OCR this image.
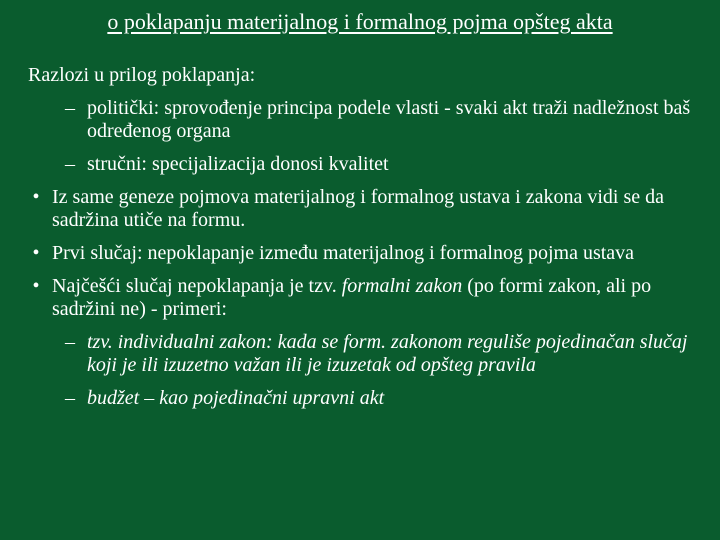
o poklapanju materijalnog i formalnog pojma opšteg akta
Razlozi u prilog poklapanja:
– politički: sprovođenje principa podele vlasti - svaki akt traži nadležnost baš određenog organa
– stručni: specijalizacija donosi kvalitet
• Iz same geneze pojmova materijalnog i formalnog ustava i zakona vidi se da sadržina utiče na formu.
• Prvi slučaj: nepoklapanje između materijalnog i formalnog pojma ustava
• Najčešći slučaj nepoklapanja je tzv. formalni zakon (po formi zakon, ali po sadržini ne) - primeri:
– tzv. individualni zakon: kada se form. zakonom reguliše pojedinačan slučaj koji je ili izuzetno važan ili je izuzetak od opšteg pravila
– budžet – kao pojedinačni upravni akt
